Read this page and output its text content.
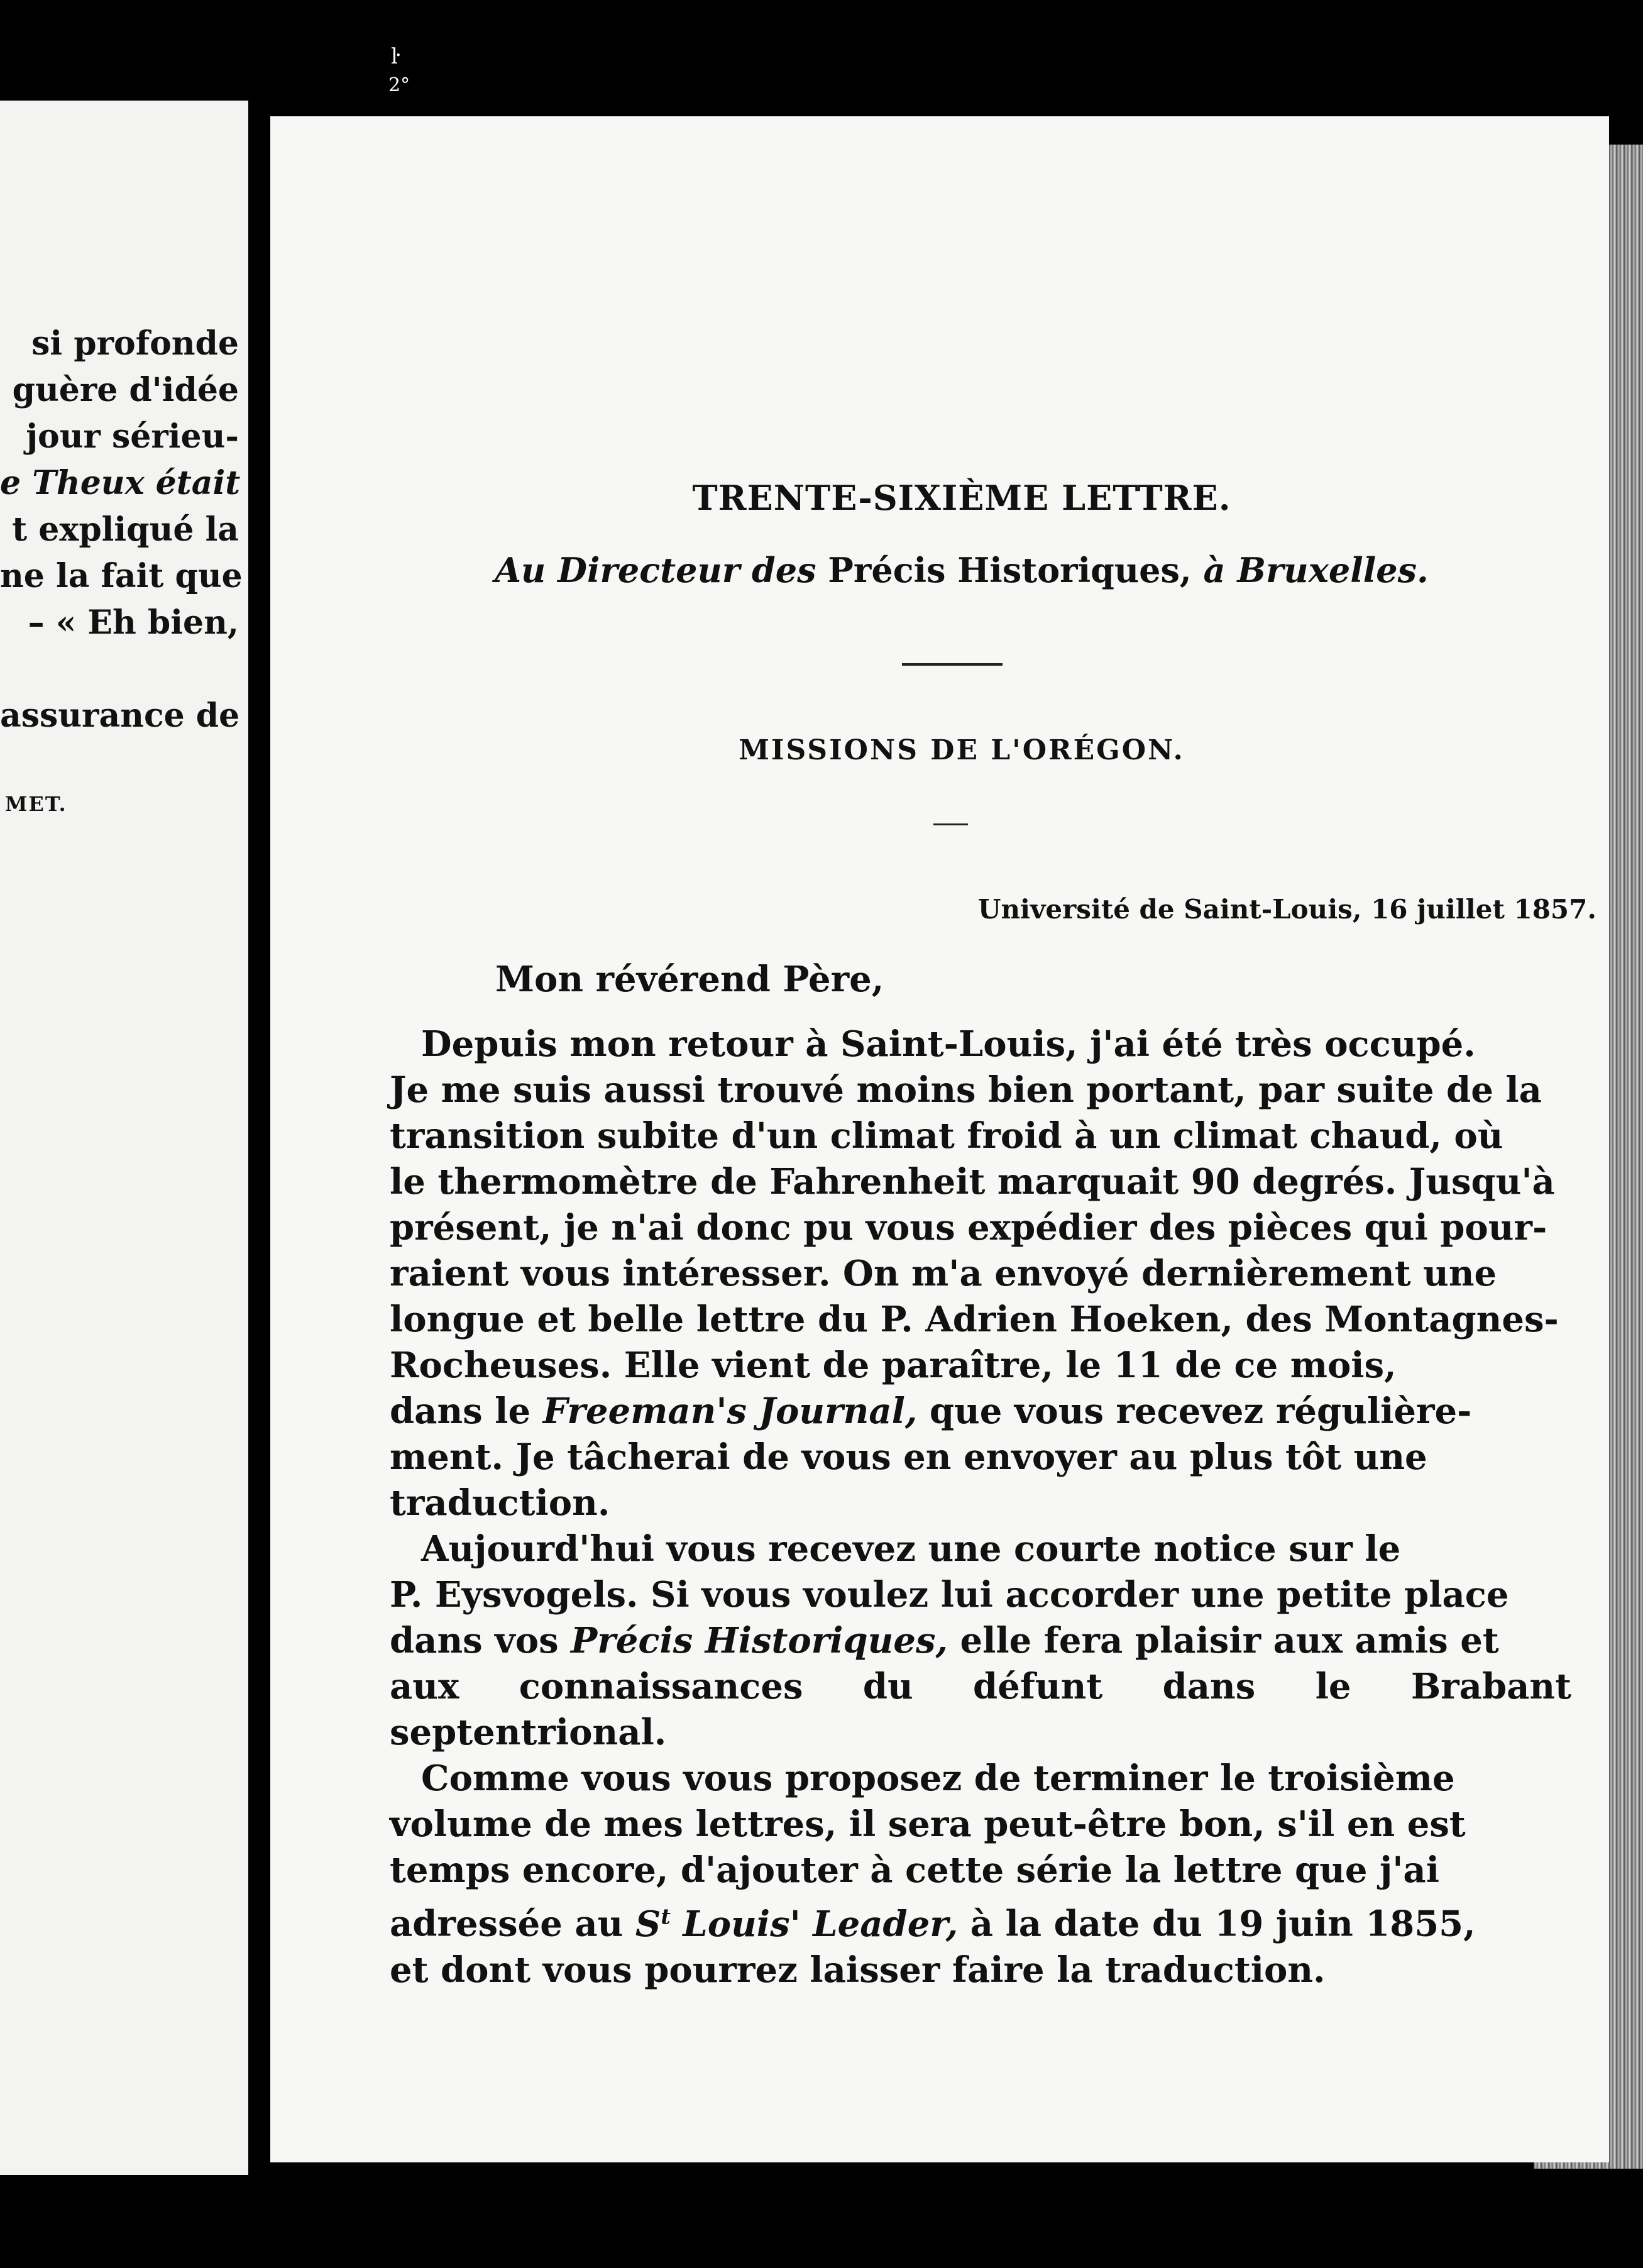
ŀ
2°
si profonde
guère d'idée
jour sérieu-
e Theux était
t expliqué la
ne la fait que
– « Eh bien,
assurance de
MET.
TRENTE-SIXIÈME LETTRE.
Au Directeur des Précis Historiques, à Bruxelles.
MISSIONS DE L'ORÉGON.
Université de Saint-Louis, 16 juillet 1857.
Mon révérend Père,
Depuis mon retour à Saint-Louis, j'ai été très occupé.
Je me suis aussi trouvé moins bien portant, par suite de la
transition subite d'un climat froid à un climat chaud, où
le thermomètre de Fahrenheit marquait 90 degrés. Jusqu'à
présent, je n'ai donc pu vous expédier des pièces qui pour-
raient vous intéresser. On m'a envoyé dernièrement une
longue et belle lettre du P. Adrien Hoeken, des Montagnes-
Rocheuses. Elle vient de paraître, le 11 de ce mois,
dans le Freeman's Journal, que vous recevez régulière-
ment. Je tâcherai de vous en envoyer au plus tôt une
traduction.
Aujourd'hui vous recevez une courte notice sur le
P. Eysvogels. Si vous voulez lui accorder une petite place
dans vos Précis Historiques, elle fera plaisir aux amis et
aux connaissances du défunt dans le Brabant septentrional.
Comme vous vous proposez de terminer le troisième
volume de mes lettres, il sera peut-être bon, s'il en est
temps encore, d'ajouter à cette série la lettre que j'ai
adressée au $S^t$ Louis' Leader, à la date du 19 juin 1855,
et dont vous pourrez laisser faire la traduction.
